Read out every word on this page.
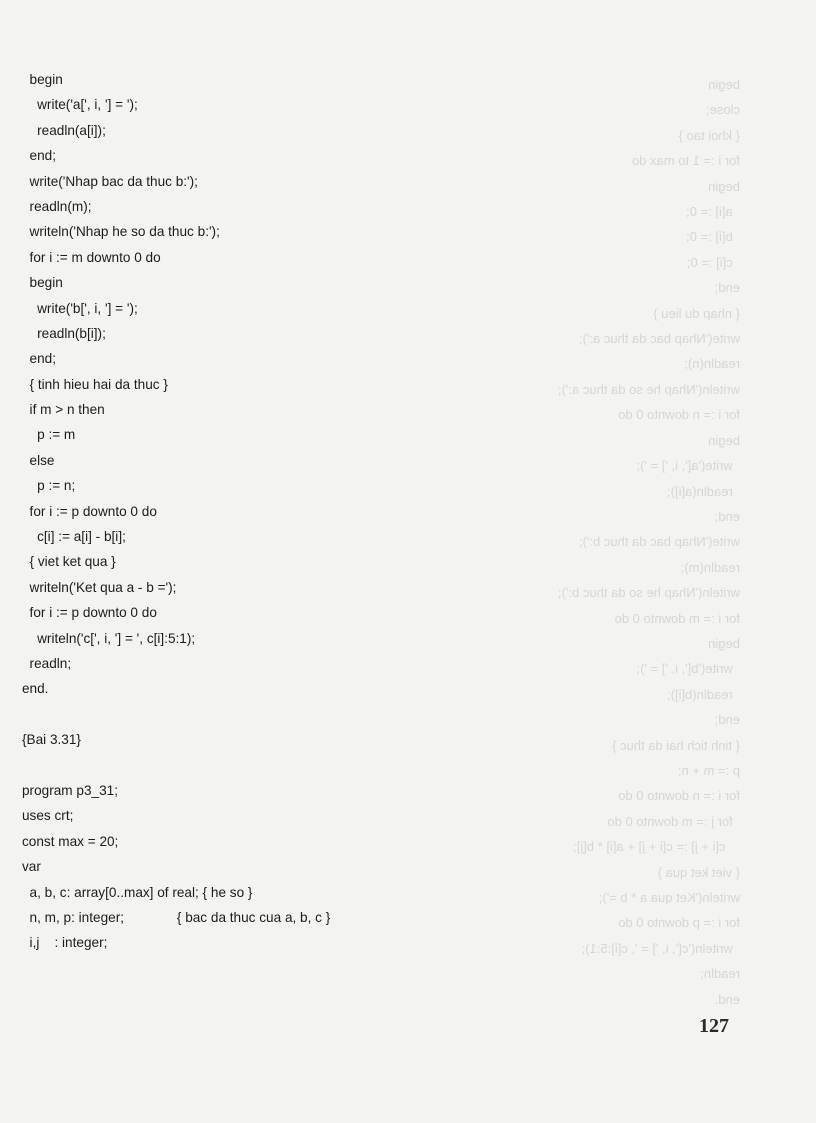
begin
close;
{ khoi tao }
for i := 1 to max do
begin
a[i] := 0;
b[i] := 0;
c[i] := 0;
end;
{ nhap du lieu }
write('Nhap bac da thuc a:');
readln(n);
writeln('Nhap he so da thuc a:');
for i := n downto 0 do
begin
write('a[', i, '] = ');
readln(a[i]);
end;
write('Nhap bac da thuc b:');
readln(m);
writeln('Nhap he so da thuc b:');
for i := m downto 0 do
begin
write('b[', i, '] = ');
readln(b[i]);
end;
{ tinh tich hai da thuc }
p := m + n;
for i := n downto 0 do
for j := m downto 0 do
c[i + j] := c[i + j] + a[i] * b[j];
{ viet ket qua }
writeln('Ket qua a * b =');
for i := p downto 0 do
writeln('c[', i, '] = ', c[i]:5:1);
readln;
end.
begin
write('a[', i, '] = ');
readln(a[i]);
end;
write('Nhap bac da thuc b:');
readln(m);
writeln('Nhap he so da thuc b:');
for i := m downto 0 do
begin
write('b[', i, '] = ');
readln(b[i]);
end;
{ tinh hieu hai da thuc }
if m > n then
p := m
else
p := n;
for i := p downto 0 do
c[i] := a[i] - b[i];
{ viet ket qua }
writeln('Ket qua a - b =');
for i := p downto 0 do
writeln('c[', i, '] = ', c[i]:5:1);
readln;
end.
{Bai 3.31}
program p3_31;
uses crt;
const max = 20;
var
a, b, c: array[0..max] of real; { he so }
n, m, p: integer;              { bac da thuc cua a, b, c }
i,j    : integer;
127
